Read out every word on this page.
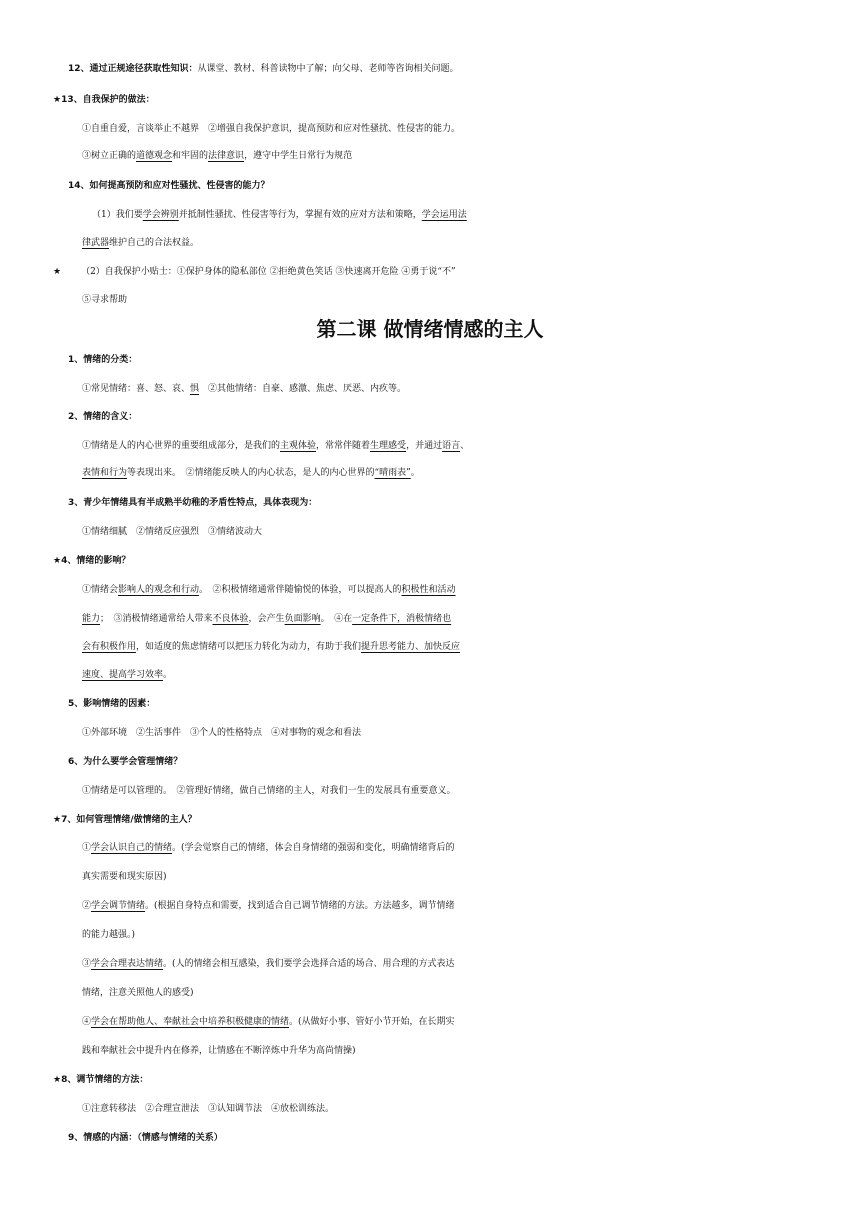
12、通过正规途径获取性知识：从课堂、教材、科普读物中了解；向父母、老师等咨询相关问题。
★13、自我保护的做法：
①自重自爱，言谈举止不越界　②增强自我保护意识，提高预防和应对性骚扰、性侵害的能力。
③树立正确的道德观念和牢固的法律意识，遵守中学生日常行为规范
14、如何提高预防和应对性骚扰、性侵害的能力？
（1）我们要学会辨别并抵制性骚扰、性侵害等行为，掌握有效的应对方法和策略，学会运用法
律武器维护自己的合法权益。
★ （2）自我保护小贴士：①保护身体的隐私部位 ②拒绝黄色笑话 ③快速离开危险 ④勇于说“不”
⑤寻求帮助
第二课 做情绪情感的主人
1、情绪的分类：
①常见情绪：喜、怒、哀、惧　②其他情绪：自豪、感激、焦虑、厌恶、内疚等。
2、情绪的含义：
①情绪是人的内心世界的重要组成部分，是我们的主观体验，常常伴随着生理感受，并通过语言、
表情和行为等表现出来。　②情绪能反映人的内心状态，是人的内心世界的“晴雨表”。
3、青少年情绪具有半成熟半幼稚的矛盾性特点，具体表现为：
①情绪细腻　②情绪反应强烈　③情绪波动大
★4、情绪的影响？
①情绪会影响人的观念和行动。　②积极情绪通常伴随愉悦的体验，可以提高人的积极性和活动
能力；　③消极情绪通常给人带来不良体验，会产生负面影响。　④在一定条件下，消极情绪也
会有积极作用，如适度的焦虑情绪可以把压力转化为动力，有助于我们提升思考能力、加快反应
速度、提高学习效率。
5、影响情绪的因素：
①外部环境　②生活事件　③个人的性格特点　④对事物的观念和看法
6、为什么要学会管理情绪？
①情绪是可以管理的。　②管理好情绪，做自己情绪的主人，对我们一生的发展具有重要意义。
★7、如何管理情绪/做情绪的主人？
①学会认识自己的情绪。(学会觉察自己的情绪，体会自身情绪的强弱和变化，明确情绪背后的
真实需要和现实原因)
②学会调节情绪。(根据自身特点和需要，找到适合自己调节情绪的方法。方法越多，调节情绪
的能力越强。)
③学会合理表达情绪。(人的情绪会相互感染，我们要学会选择合适的场合、用合理的方式表达
情绪，注意关照他人的感受)
④学会在帮助他人、奉献社会中培养积极健康的情绪。(从做好小事、管好小节开始，在长期实
践和奉献社会中提升内在修养，让情感在不断淬炼中升华为高尚情操)
★8、调节情绪的方法：
①注意转移法　②合理宣泄法　③认知调节法　④放松训练法。
9、情感的内涵：（情感与情绪的关系）
